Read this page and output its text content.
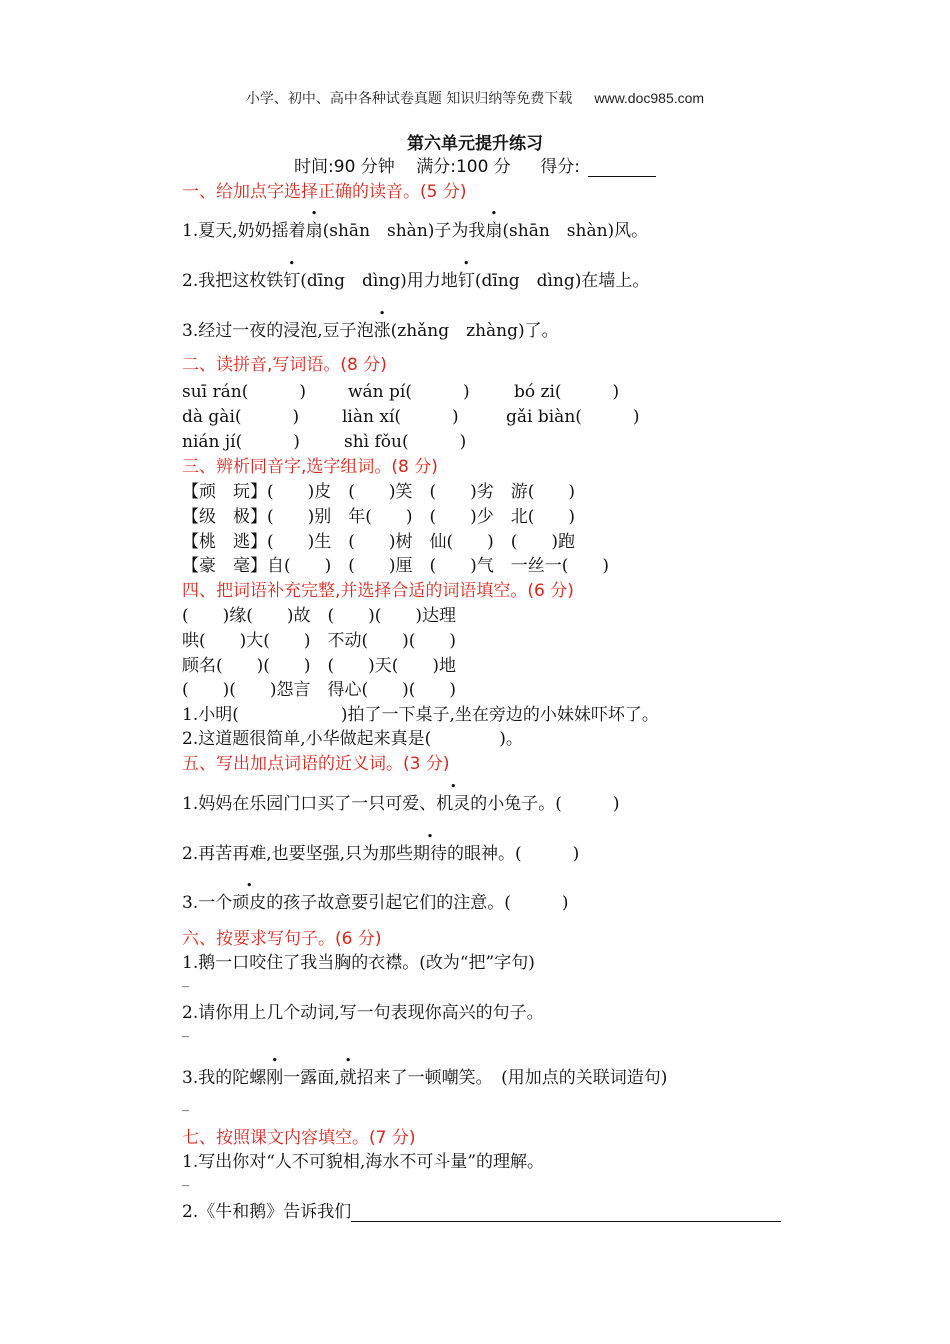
小学、初中、高中各种试卷真题 知识归纳等免费下载 www.doc985.com
第六单元提升练习
时间:90 分钟 满分:100 分 得分:
一、给加点字选择正确的读音。(5 分)
1.夏天,奶奶摇着扇(shān　shàn)子为我扇(shān　shàn)风。
2.我把这枚铁钉(dīng　dìng)用力地钉(dīng　dìng)在墙上。
3.经过一夜的浸泡,豆子泡涨(zhǎng　zhàng)了。
二、读拼音,写词语。(8 分)
suī rán(　　　) wán pí(　　　)	bó zi(　　　)
dà gài(　　　)	liàn xí(　　　)	gǎi biàn(　　　)
nián jí(　　　)	shì fǒu(　　　)
三、辨析同音字,选字组词。(8 分)
【顽　玩】(　　)皮　(　　)笑　(　　)劣　游(　　)
【级　极】(　　)别　年(　　)　(　　)少　北(　　)
【桃　逃】(　　)生　(　　)树　仙(　　)　(　　)跑
【豪　毫】自(　　)　(　　)厘　(　　)气　一丝一(　　)
四、把词语补充完整,并选择合适的词语填空。(6 分)
(　　)缘(　　)故　(　　)(　　)达理
哄(　　)大(　　)　不动(　　)(　　)
顾名(　　)(　　)　(　　)天(　　)地
(　　)(　　)怨言　得心(　　)(　　)
1.小明(　　　　　　)拍了一下桌子,坐在旁边的小妹妹吓坏了。
2.这道题很简单,小华做起来真是(　　　　)。
五、写出加点词语的近义词。(3 分)
1.妈妈在乐园门口买了一只可爱、机灵的小兔子。(　　　)
2.再苦再难,也要坚强,只为那些期待的眼神。(　　　)
3.一个顽皮的孩子故意要引起它们的注意。(　　　)
六、按要求写句子。(6 分)
1.鹅一口咬住了我当胸的衣襟。(改为“把”字句)
_
2.请你用上几个动词,写一句表现你高兴的句子。
_
3.我的陀螺刚一露面,就招来了一顿嘲笑。　(用加点的关联词造句)
_
七、按照课文内容填空。(7 分)
1.写出你对“人不可貌相,海水不可斗量”的理解。
_
2.《牛和鹅》告诉我们
